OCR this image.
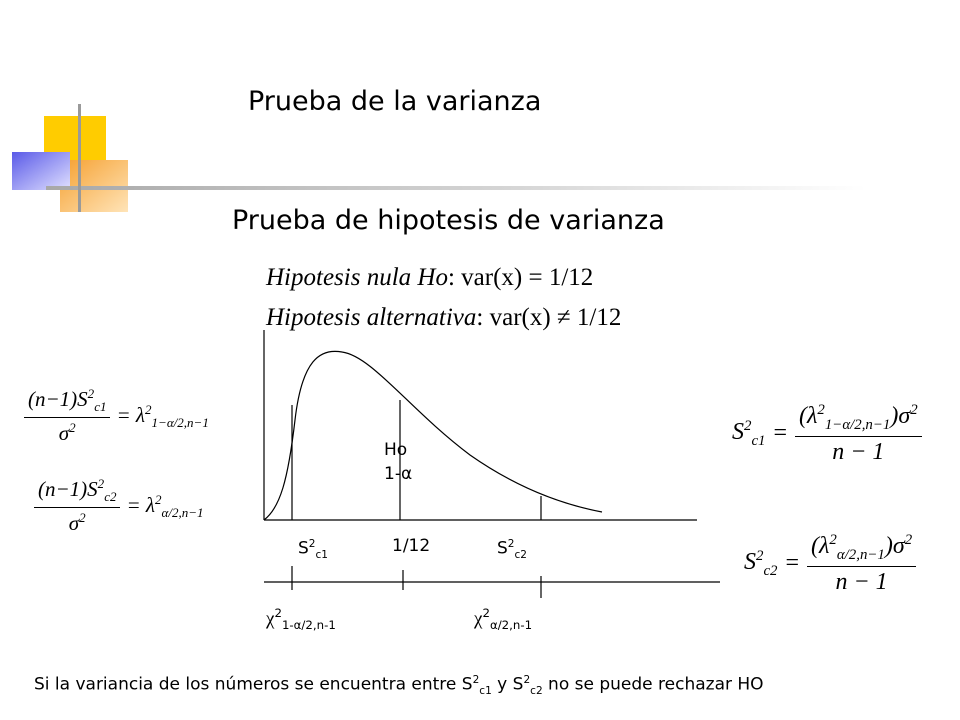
Prueba de la varianza
Prueba de hipotesis de varianza
Hipotesis nula Ho: var(x) = 1/12
Hipotesis alternativa: var(x) ≠ 1/12
Ho
1-α
$S^2_{c1}$	1/12	$S^2_{c2}$
$\chi^2_{1-\alpha/2,n-1}$	$\chi^2_{\alpha/2,n-1}$
$\frac{(n-1)S^2_{c1}}{\sigma^2} = \lambda^2_{1-\alpha/2,n-1}$
$\frac{(n-1)S^2_{c2}}{\sigma^2} = \lambda^2_{\alpha/2,n-1}$
$S^2_{c1} = \frac{(\lambda^2_{1-\alpha/2,n-1})\sigma^2}{n - 1}$
$S^2_{c2} = \frac{(\lambda^2_{\alpha/2,n-1})\sigma^2}{n - 1}$
Si la variancia de los números se encuentra entre $S^2_{c1}$ y $S^2_{c2}$ no se puede rechazar HO
